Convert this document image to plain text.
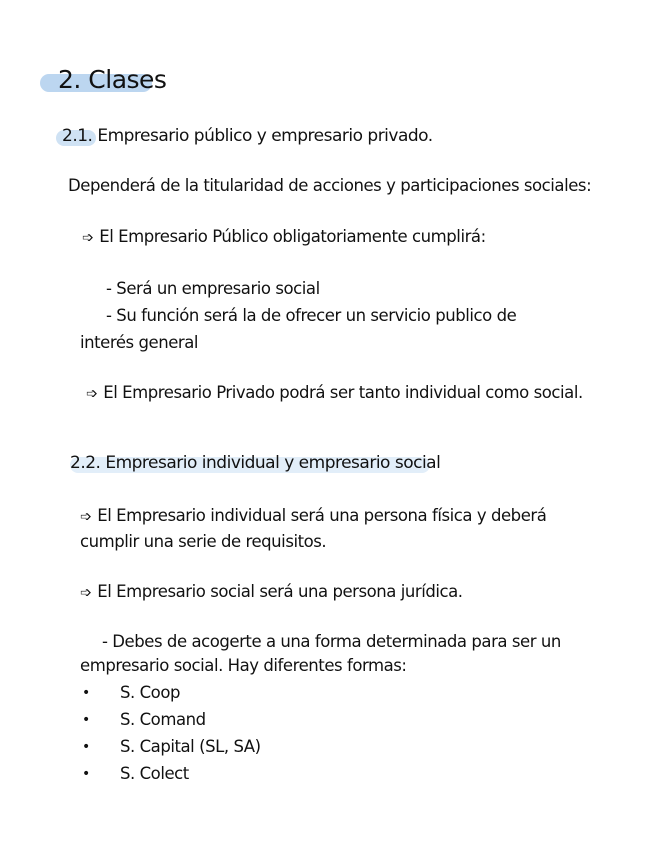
2. Clases
2.1. Empresario público y empresario privado.
Dependerá de la titularidad de acciones y participaciones sociales:
➩ El Empresario Público obligatoriamente cumplirá:
- Será un empresario social
- Su función será la de ofrecer un servicio publico de
interés general
➩ El Empresario Privado podrá ser tanto individual como social.
2.2. Empresario individual y empresario social
➩ El Empresario individual será una persona física y deberá
cumplir una serie de requisitos.
➩ El Empresario social será una persona jurídica.
- Debes de acogerte a una forma determinada para ser un
empresario social. Hay diferentes formas:
• S. Coop
• S. Comand
• S. Capital (SL, SA)
• S. Colect
